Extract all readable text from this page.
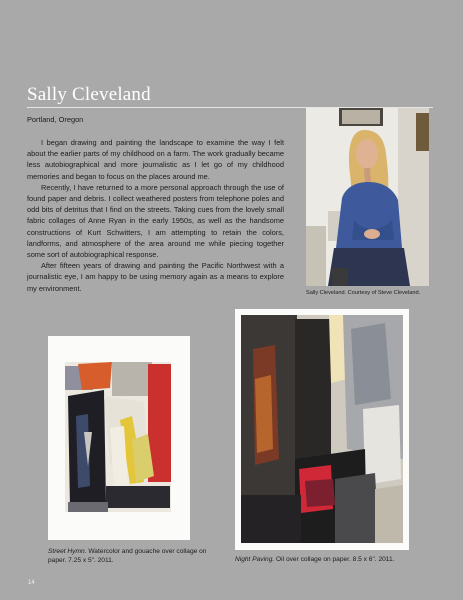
Sally Cleveland
Portland, Oregon

I began drawing and painting the landscape to examine the way I felt about the earlier parts of my childhood on a farm. The work gradually became less autobiographical and more journalistic as I let go of my childhood memories and began to focus on the places around me.

Recently, I have returned to a more personal approach through the use of found paper and debris. I collect weathered posters from telephone poles and odd bits of detritus that I find on the streets. Taking cues from the lovely small fabric collages of Anne Ryan in the early 1950s, as well as the handsome constructions of Kurt Schwitters, I am attempting to retain the colors, landforms, and atmosphere of the area around me while piecing together some sort of autobiographical response.

After fifteen years of drawing and painting the Pacific Northwest with a journalistic eye, I am happy to be using memory again as a means to explore my environment.

Sally Cleveland. Courtesy of Steve Cleveland.
Street Hymn. Watercolor and gouache over collage on paper. 7.25 x 5". 2011.	Night Paving. Oil over collage on paper. 8.5 x 6". 2011.
14
